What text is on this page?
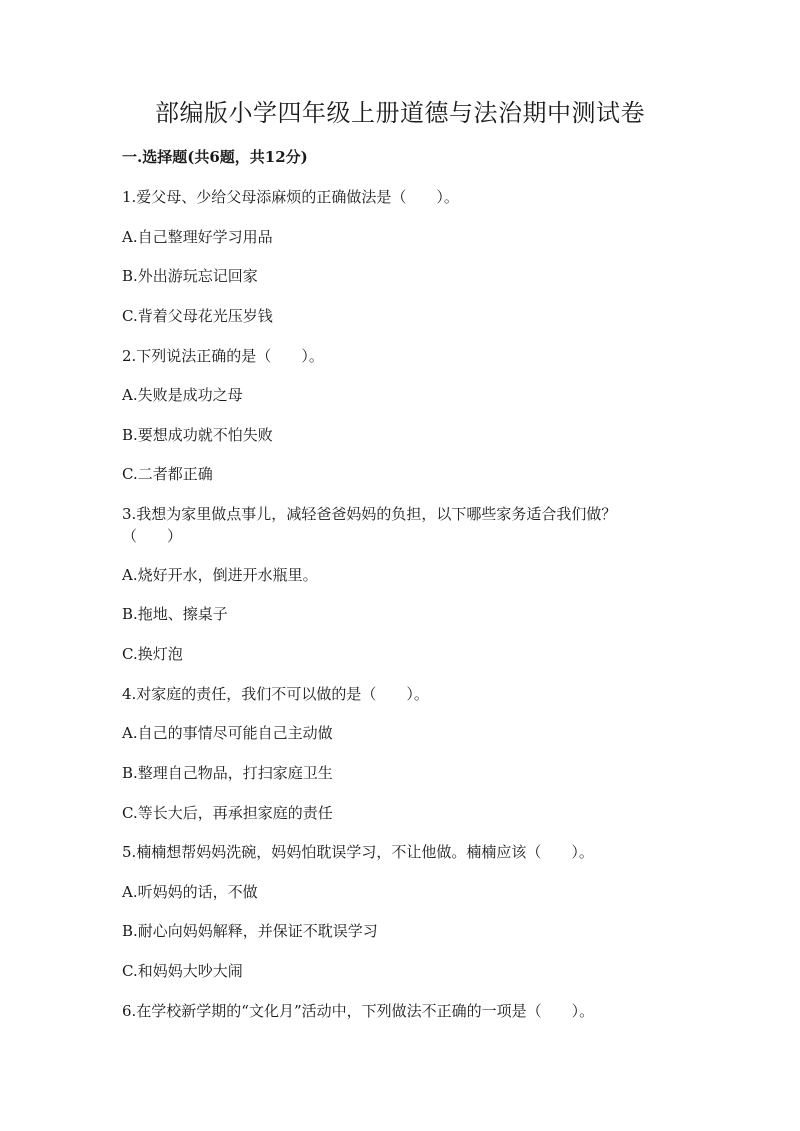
部编版小学四年级上册道德与法治期中测试卷
一.选择题(共6题，共12分)
1.爱父母、少给父母添麻烦的正确做法是（　　）。
A.自己整理好学习用品
B.外出游玩忘记回家
C.背着父母花光压岁钱
2.下列说法正确的是（　　）。
A.失败是成功之母
B.要想成功就不怕失败
C.二者都正确
3.我想为家里做点事儿，减轻爸爸妈妈的负担，以下哪些家务适合我们做？
（　　）
A.烧好开水，倒进开水瓶里。
B.拖地、擦桌子
C.换灯泡
4.对家庭的责任，我们不可以做的是（　　）。
A.自己的事情尽可能自己主动做
B.整理自己物品，打扫家庭卫生
C.等长大后，再承担家庭的责任
5.楠楠想帮妈妈洗碗，妈妈怕耽误学习，不让他做。楠楠应该（　　）。
A.听妈妈的话，不做
B.耐心向妈妈解释，并保证不耽误学习
C.和妈妈大吵大闹
6.在学校新学期的“文化月”活动中，下列做法不正确的一项是（　　）。
